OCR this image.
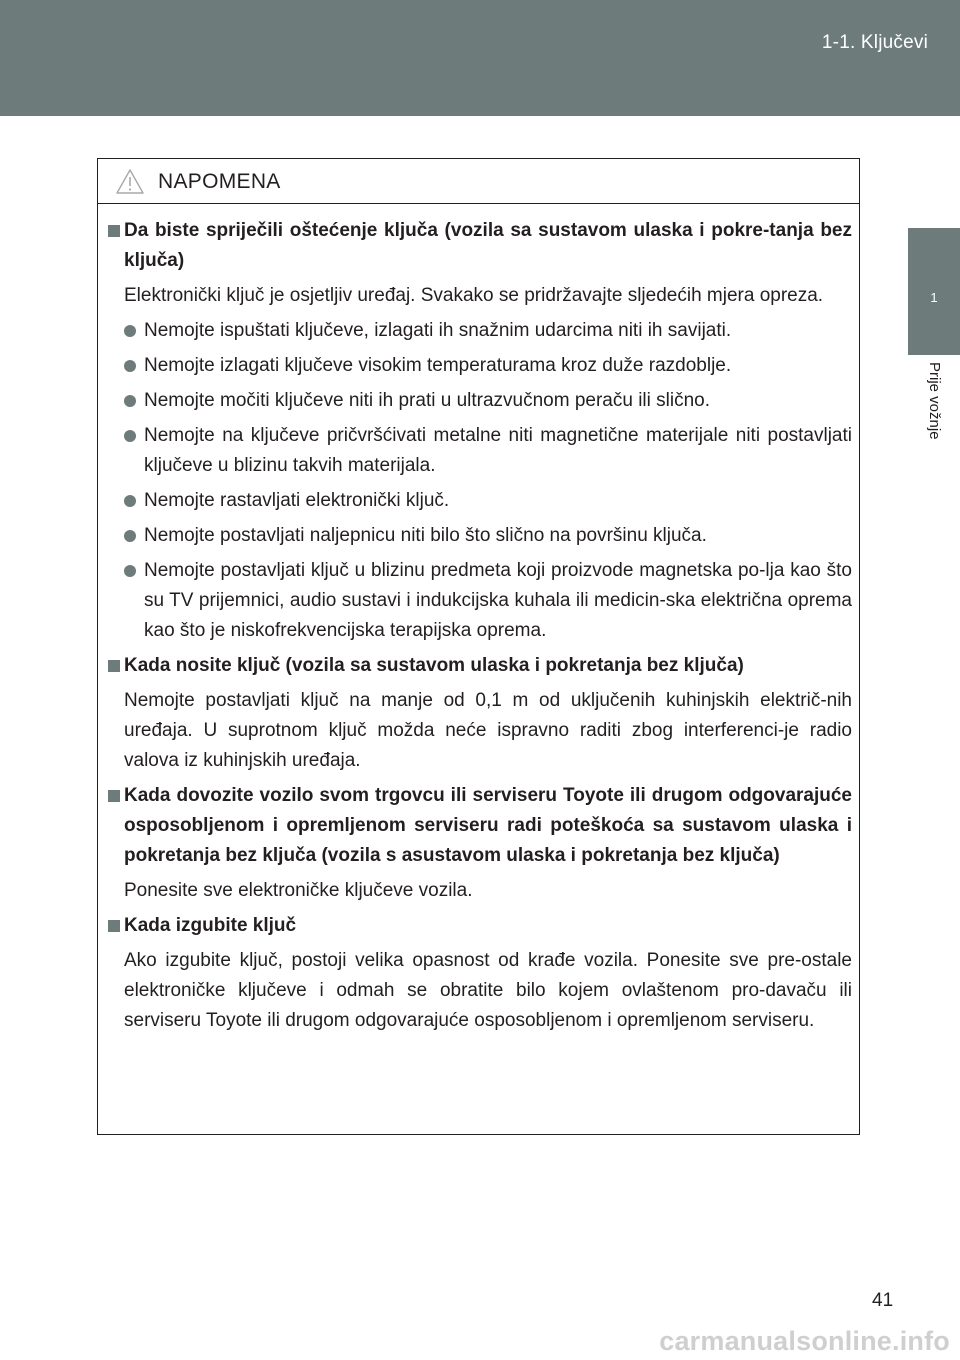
1-1. Ključevi
1
Prije vožnje
NAPOMENA

Da biste spriječili oštećenje ključa (vozila sa sustavom ulaska i pokre-tanja bez ključa)

Elektronički ključ je osjetljiv uređaj. Svakako se pridržavajte sljedećih mjera opreza.

Nemojte ispuštati ključeve, izlagati ih snažnim udarcima niti ih savijati.

Nemojte izlagati ključeve visokim temperaturama kroz duže razdoblje.

Nemojte močiti ključeve niti ih prati u ultrazvučnom peraču ili slično.

Nemojte na ključeve pričvršćivati metalne niti magnetične materijale niti postavljati ključeve u blizinu takvih materijala.

Nemojte rastavljati elektronički ključ.

Nemojte postavljati naljepnicu niti bilo što slično na površinu ključa.

Nemojte postavljati ključ u blizinu predmeta koji proizvode magnetska po-lja kao što su TV prijemnici, audio sustavi i indukcijska kuhala ili medicin-ska električna oprema kao što je niskofrekvencijska terapijska oprema.

Kada nosite ključ (vozila sa sustavom ulaska i pokretanja bez ključa)

Nemojte postavljati ključ na manje od 0,1 m od uključenih kuhinjskih električ-nih uređaja. U suprotnom ključ možda neće ispravno raditi zbog interferenci-je radio valova iz kuhinjskih uređaja.

Kada dovozite vozilo svom trgovcu ili serviseru Toyote ili drugom odgovarajuće osposobljenom i opremljenom serviseru radi poteškoća sa sustavom ulaska i pokretanja bez ključa (vozila s asustavom ulaska i pokretanja bez ključa)

Ponesite sve elektroničke ključeve vozila.

Kada izgubite ključ

Ako izgubite ključ, postoji velika opasnost od krađe vozila. Ponesite sve pre-ostale elektroničke ključeve i odmah se obratite bilo kojem ovlaštenom pro-davaču ili serviseru Toyote ili drugom odgovarajuće osposobljenom i opremljenom serviseru.

41
carmanualsonline.info
